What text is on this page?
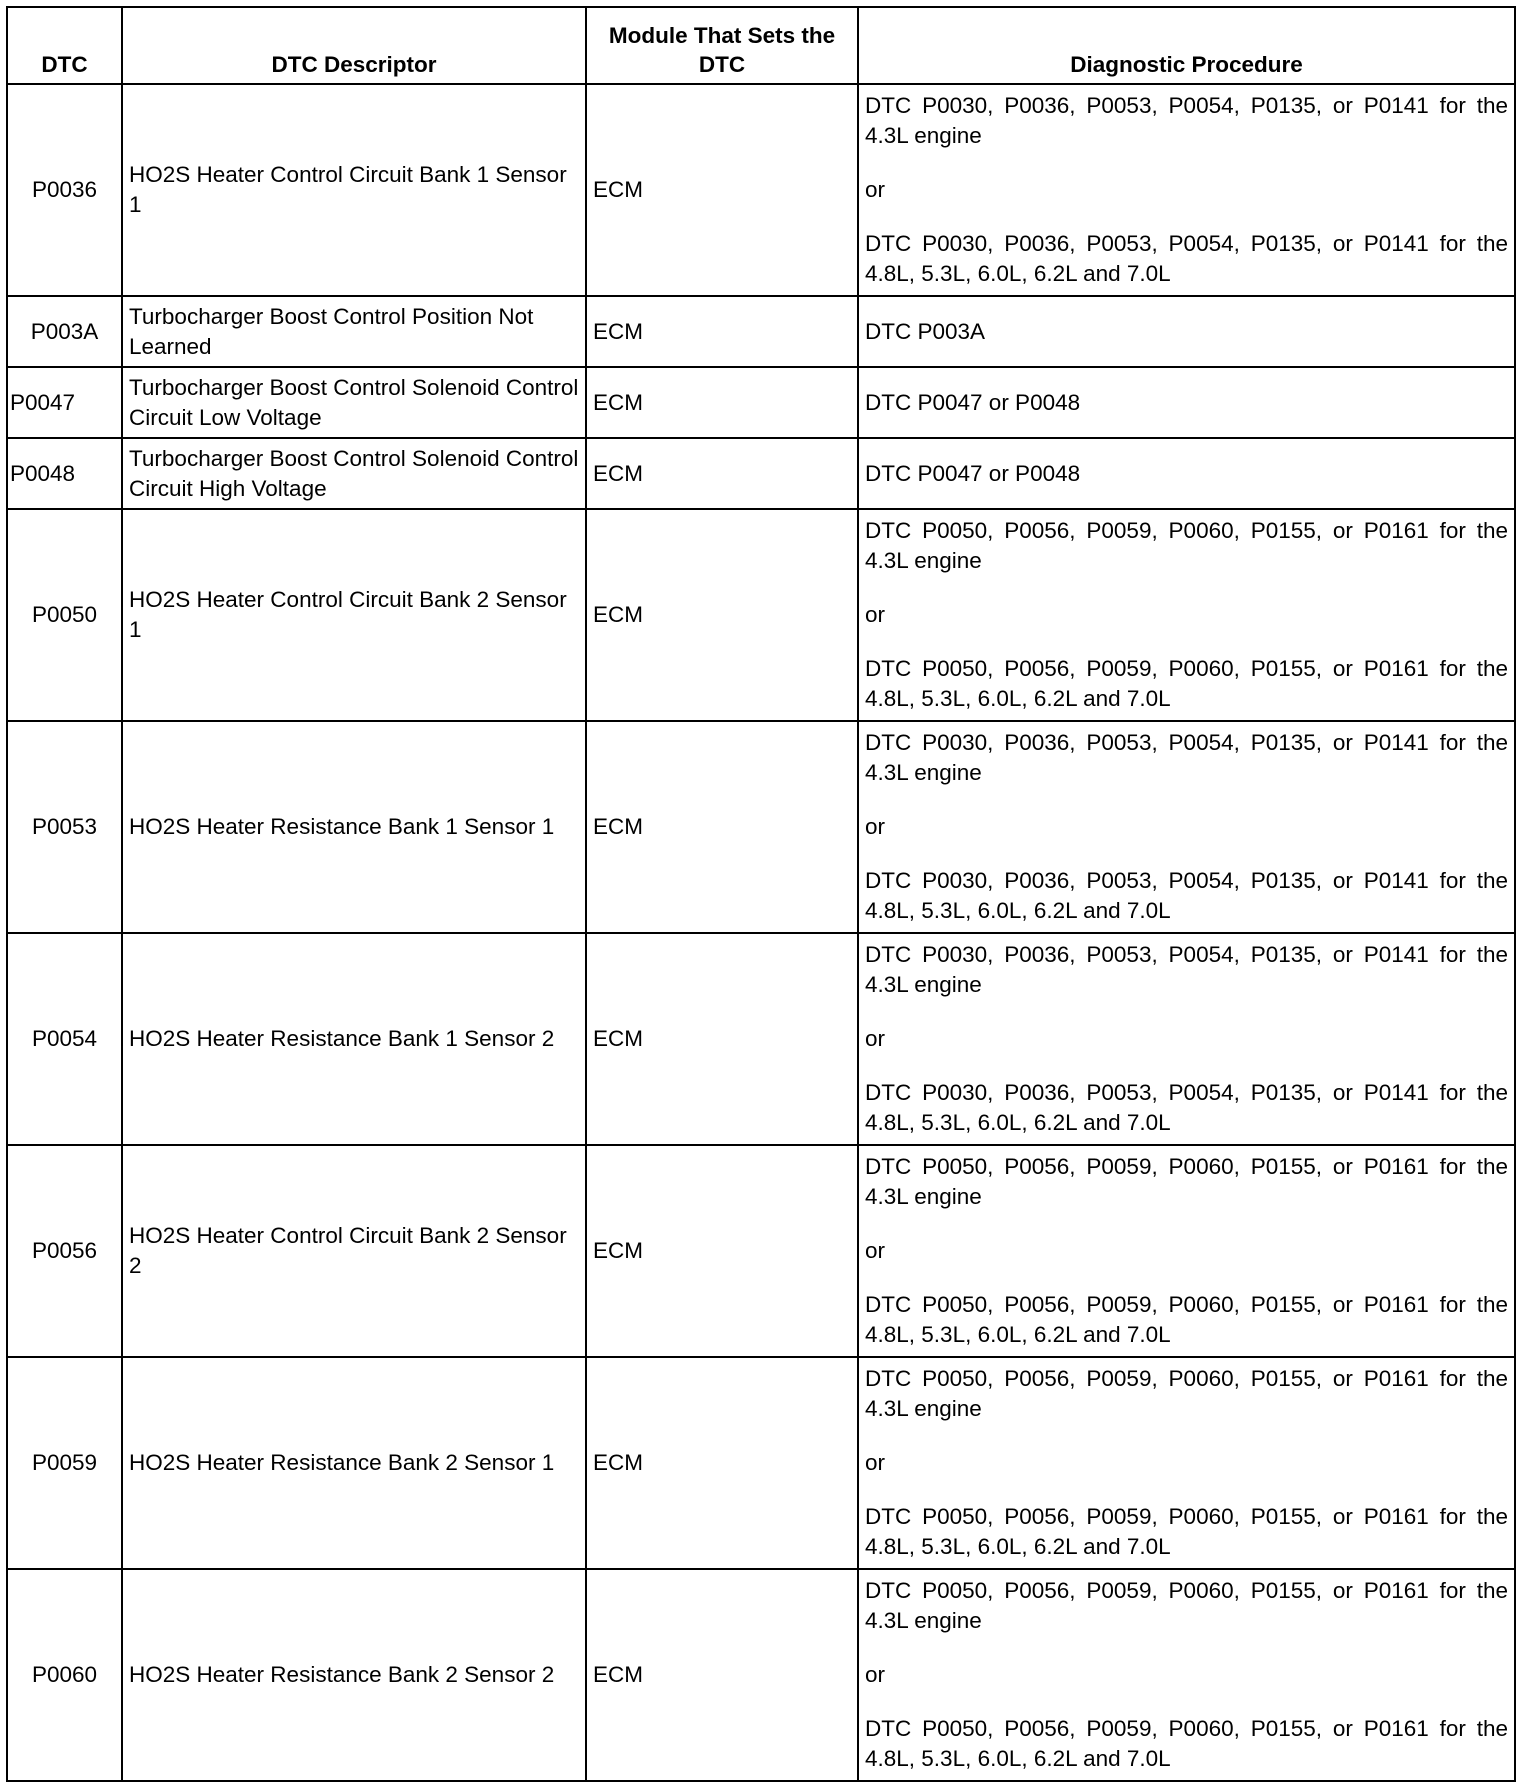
DTC	DTC Descriptor	Module That Sets the DTC	Diagnostic Procedure
P0036	HO2S Heater Control Circuit Bank 1 Sensor 1	ECM	DTC P0030, P0036, P0053, P0054, P0135, or P0141 for the 4.3L engine
or
DTC P0030, P0036, P0053, P0054, P0135, or P0141 for the 4.8L, 5.3L, 6.0L, 6.2L and 7.0L

P003A	Turbocharger Boost Control Position Not Learned	ECM	DTC P003A

P0047	Turbocharger Boost Control Solenoid Control Circuit Low Voltage	ECM	DTC P0047 or P0048

P0048	Turbocharger Boost Control Solenoid Control Circuit High Voltage	ECM	DTC P0047 or P0048

P0050	HO2S Heater Control Circuit Bank 2 Sensor 1	ECM	DTC P0050, P0056, P0059, P0060, P0155, or P0161 for the 4.3L engine
or
DTC P0050, P0056, P0059, P0060, P0155, or P0161 for the 4.8L, 5.3L, 6.0L, 6.2L and 7.0L

P0053	HO2S Heater Resistance Bank 1 Sensor 1	ECM	DTC P0030, P0036, P0053, P0054, P0135, or P0141 for the 4.3L engine
or
DTC P0030, P0036, P0053, P0054, P0135, or P0141 for the 4.8L, 5.3L, 6.0L, 6.2L and 7.0L

P0054	HO2S Heater Resistance Bank 1 Sensor 2	ECM	DTC P0030, P0036, P0053, P0054, P0135, or P0141 for the 4.3L engine
or
DTC P0030, P0036, P0053, P0054, P0135, or P0141 for the 4.8L, 5.3L, 6.0L, 6.2L and 7.0L

P0056	HO2S Heater Control Circuit Bank 2 Sensor 2	ECM	DTC P0050, P0056, P0059, P0060, P0155, or P0161 for the 4.3L engine
or
DTC P0050, P0056, P0059, P0060, P0155, or P0161 for the 4.8L, 5.3L, 6.0L, 6.2L and 7.0L

P0059	HO2S Heater Resistance Bank 2 Sensor 1	ECM	DTC P0050, P0056, P0059, P0060, P0155, or P0161 for the 4.3L engine
or
DTC P0050, P0056, P0059, P0060, P0155, or P0161 for the 4.8L, 5.3L, 6.0L, 6.2L and 7.0L

P0060	HO2S Heater Resistance Bank 2 Sensor 2	ECM	DTC P0050, P0056, P0059, P0060, P0155, or P0161 for the 4.3L engine
or
DTC P0050, P0056, P0059, P0060, P0155, or P0161 for the 4.8L, 5.3L, 6.0L, 6.2L and 7.0L
